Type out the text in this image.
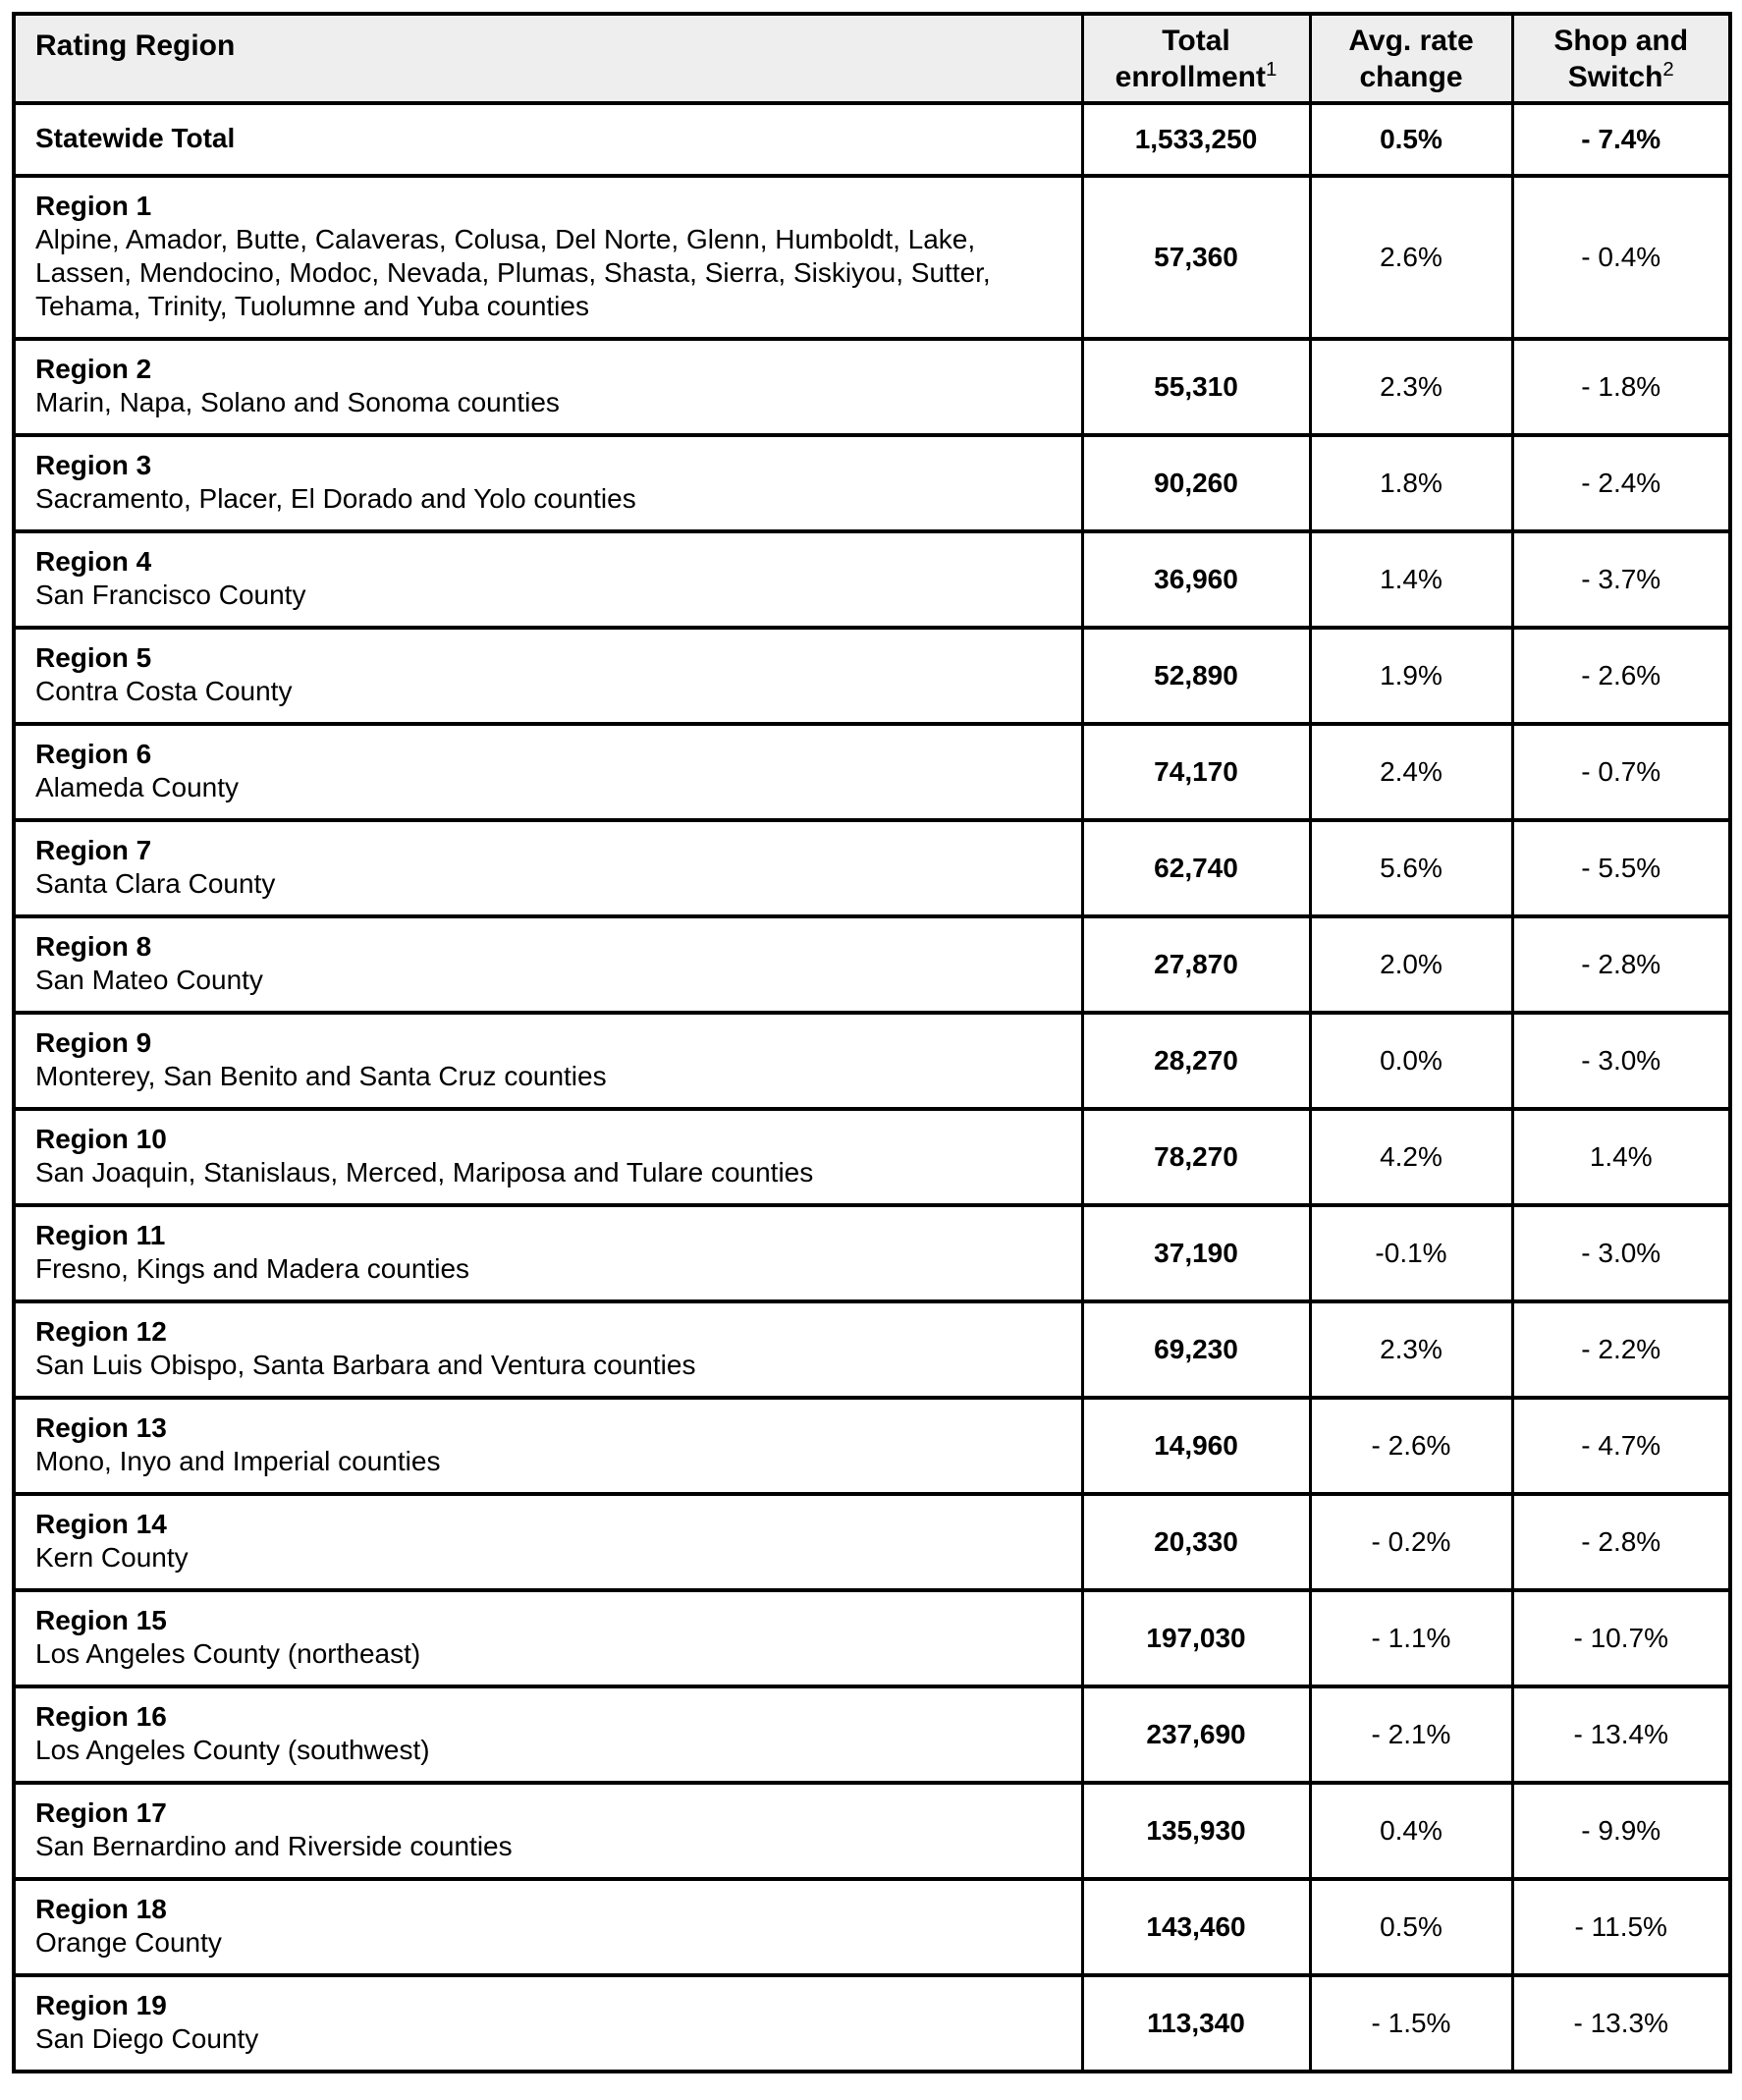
Rating Region	Total enrollment$^1$	Avg. rate change	Shop and Switch$^2$

Statewide Total	1,533,250	0.5%	- 7.4%

Region 1
Alpine, Amador, Butte, Calaveras, Colusa, Del Norte, Glenn, Humboldt, Lake, Lassen, Mendocino, Modoc, Nevada, Plumas, Shasta, Sierra, Siskiyou, Sutter, Tehama, Trinity, Tuolumne and Yuba counties	57,360	2.6%	- 0.4%

Region 2
Marin, Napa, Solano and Sonoma counties	55,310	2.3%	- 1.8%

Region 3
Sacramento, Placer, El Dorado and Yolo counties	90,260	1.8%	- 2.4%

Region 4
San Francisco County	36,960	1.4%	- 3.7%

Region 5
Contra Costa County	52,890	1.9%	- 2.6%

Region 6
Alameda County	74,170	2.4%	- 0.7%

Region 7
Santa Clara County	62,740	5.6%	- 5.5%

Region 8
San Mateo County	27,870	2.0%	- 2.8%

Region 9
Monterey, San Benito and Santa Cruz counties	28,270	0.0%	- 3.0%

Region 10
San Joaquin, Stanislaus, Merced, Mariposa and Tulare counties	78,270	4.2%	1.4%

Region 11
Fresno, Kings and Madera counties	37,190	-0.1%	- 3.0%

Region 12
San Luis Obispo, Santa Barbara and Ventura counties	69,230	2.3%	- 2.2%

Region 13
Mono, Inyo and Imperial counties	14,960	- 2.6%	- 4.7%

Region 14
Kern County	20,330	- 0.2%	- 2.8%

Region 15
Los Angeles County (northeast)	197,030	- 1.1%	- 10.7%

Region 16
Los Angeles County (southwest)	237,690	- 2.1%	- 13.4%

Region 17
San Bernardino and Riverside counties	135,930	0.4%	- 9.9%

Region 18
Orange County	143,460	0.5%	- 11.5%

Region 19
San Diego County	113,340	- 1.5%	- 13.3%
